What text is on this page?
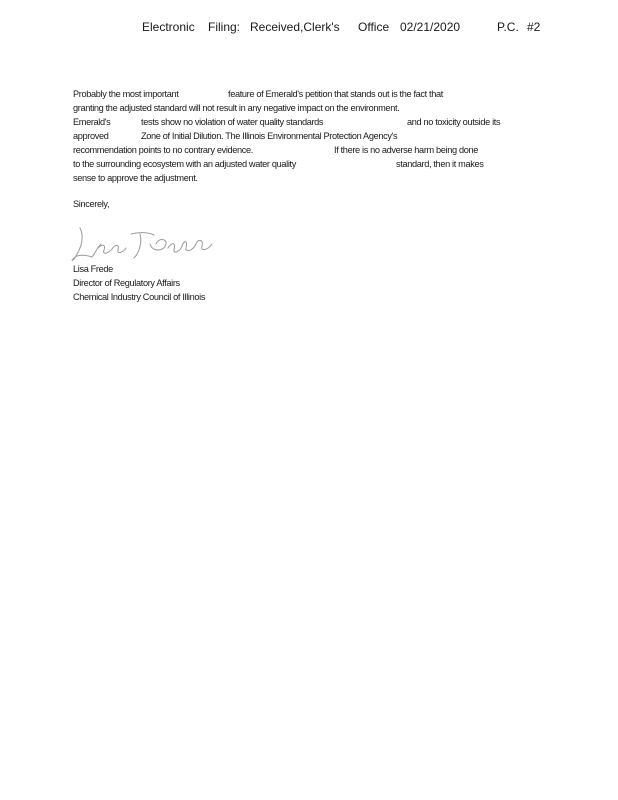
Electronic Filing: Received,Clerk's Office 02/21/2020	P.C. #2
Probably the most important	feature of Emerald's petition that stands out is the fact that
granting the adjusted standard will not result in any negative impact on the environment.
Emerald's	tests show no violation of water quality standards	and no toxicity outside its
approved	Zone of Initial Dilution. The Illinois Environmental Protection Agency's
recommendation points to no contrary evidence.	If there is no adverse harm being done
to the surrounding ecosystem with an adjusted water quality	standard, then it makes
sense to approve the adjustment.
Sincerely,
Lisa Frede
Director of Regulatory Affairs
Chemical Industry Council of Illinois
